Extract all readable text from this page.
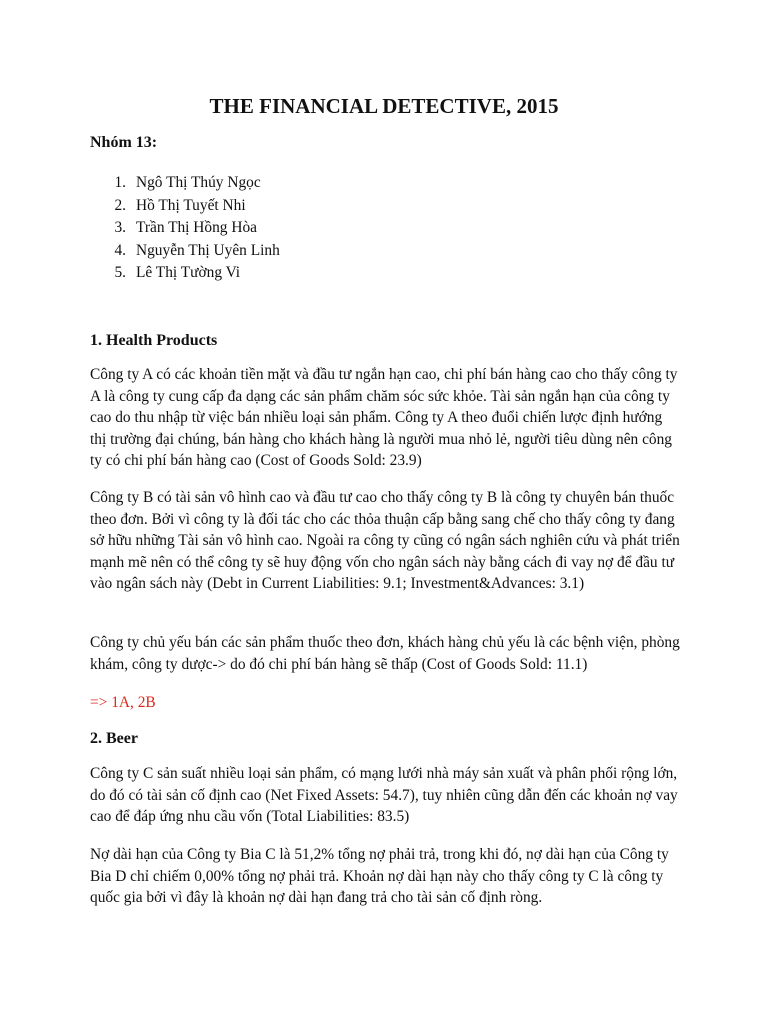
THE FINANCIAL DETECTIVE, 2015
Nhóm 13:
1. Ngô Thị Thúy Ngọc
2. Hồ Thị Tuyết Nhi
3. Trần Thị Hồng Hòa
4. Nguyễn Thị Uyên Linh
5. Lê Thị Tường Vi
1. Health Products

Công ty A có các khoản tiền mặt và đầu tư ngắn hạn cao, chi phí bán hàng cao cho thấy công ty A là công ty cung cấp đa dạng các sản phẩm chăm sóc sức khỏe. Tài sản ngắn hạn của công ty cao do thu nhập từ việc bán nhiều loại sản phẩm. Công ty A theo đuổi chiến lược định hướng thị trường đại chúng, bán hàng cho khách hàng là người mua nhỏ lẻ, người tiêu dùng nên công ty có chi phí bán hàng cao (Cost of Goods Sold: 23.9)

Công ty B có tài sản vô hình cao và đầu tư cao cho thấy công ty B là công ty chuyên bán thuốc theo đơn. Bởi vì công ty là đối tác cho các thỏa thuận cấp bằng sang chế cho thấy công ty đang sở hữu những Tài sản vô hình cao. Ngoài ra công ty cũng có ngân sách nghiên cứu và phát triển mạnh mẽ nên có thể công ty sẽ huy động vốn cho ngân sách này bằng cách đi vay nợ để đầu tư vào ngân sách này (Debt in Current Liabilities: 9.1; Investment&Advances: 3.1)

Công ty chủ yếu bán các sản phẩm thuốc theo đơn, khách hàng chủ yếu là các bệnh viện, phòng khám, công ty dược-> do đó chi phí bán hàng sẽ thấp (Cost of Goods Sold: 11.1)

=> 1A, 2B

2. Beer

Công ty C sản suất nhiều loại sản phẩm, có mạng lưới nhà máy sản xuất và phân phối rộng lớn, do đó có tài sản cố định cao (Net Fixed Assets: 54.7), tuy nhiên cũng dẫn đến các khoản nợ vay cao để đáp ứng nhu cầu vốn (Total Liabilities: 83.5)

Nợ dài hạn của Công ty Bia C là 51,2% tổng nợ phải trả, trong khi đó, nợ dài hạn của Công ty Bia D chỉ chiếm 0,00% tổng nợ phải trả. Khoản nợ dài hạn này cho thấy công ty C là công ty quốc gia bởi vì đây là khoản nợ dài hạn đang trả cho tài sản cố định ròng.
